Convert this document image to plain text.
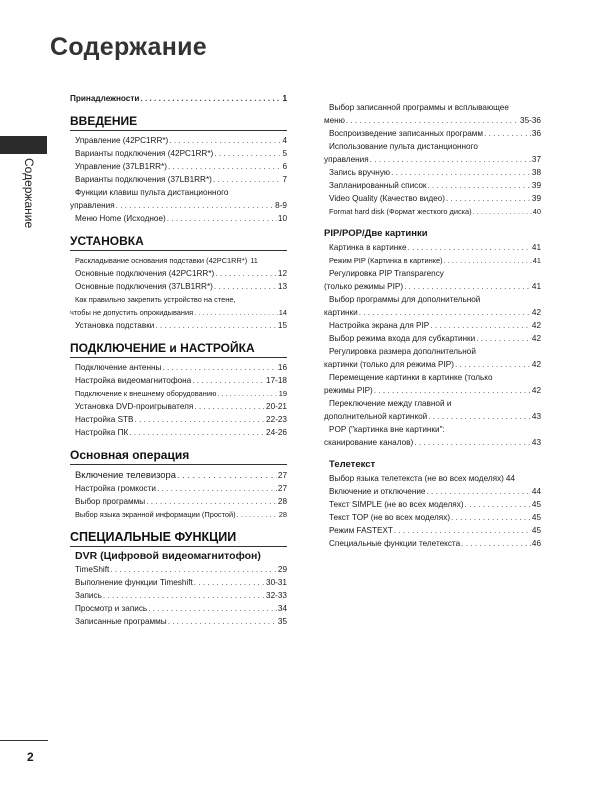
Содержание
Содержание
Принадлежности . . .	1
ВВЕДЕНИЕ
Управление (42PC1RR*) . . .	4
Варианты подключения (42PC1RR*) . . .	5
Управление (37LB1RR*) . . .	6
Варианты подключения (37LB1RR*) . . .	7
Функции клавиш пульта дистанционного
управления . . .	8-9
Меню Home (Исходное) . . .	10
УСТАНОВКА
Раскладывание основания подставки (42PC1RR*) 11
Основные подключения (42PC1RR*) . . .	12
Основные подключения (37LB1RR*) . . .	13
Как правильно закрепить устройство на стене,
чтобы не допустить опрокидывания . . .	14
Установка подставки . . .	15
ПОДКЛЮЧЕНИЕ и НАСТРОЙКА
Подключение антенны . . .	16
Настройка видеомагнитофона . . .	17-18
Подключение к внешнему оборудованию . . .	19
Установка DVD-проигрывателя . . .	20-21
Настройка STB . . .	22-23
Настройка ПК . . .	24-26
Основная операция
Включение телевизора . . .	27
Настройка громкости . . .	27
Выбор программы . . .	28
Выбор языка экранной информации (Простой) . . .	28
СПЕЦИАЛЬНЫЕ ФУНКЦИИ
DVR (Цифровой видеомагнитофон)
TimeShift . . .	29
Выполнение функции Timeshift . . .	30-31
Запись . . .	32-33
Просмотр и запись . . .	34
Записанные программы . . .	35
Выбор записанной программы и всплывающее
меню . . .	35-36
Воспроизведение записанных программ . . .	36
Использование пульта дистанционного
управления . . .	37
Запись вручную . . .	38
Запланированный список . . .	39
Video Quality (Качество видео) . . .	39
Format hard disk (Формат жесткого диска) . . .	40
PIP/POP/Две картинки
Картинка в картинке . . .	41
Режим PIP (Картинка в картинке) . . .	41
Регулировка PIP Transparency
(только режимы PIP) . . .	41
Выбор программы для дополнительной
картинки . . .	42
Настройка экрана для PIP . . .	42
Выбор режима входа для субкартинки . . .	42
Регулировка размера дополнительной
картинки (только для режима PIP) . . .	42
Перемещение картинки в картинке (только
режимы PIP) . . .	42
Переключение между главной и
дополнительной картинкой . . .	43
POP ("картинка вне картинки":
сканирование каналов) . . .	43
Телетекст
Выбор языка телетекста (не во всех моделях) 44
Включение и отключение . . .	44
Текст SIMPLE (не во всех моделях) . . .	45
Текст TOP (не во всех моделях) . . .	45
Режим FASTEXT . . .	45
Специальные функции телетекста . . .	46
2
